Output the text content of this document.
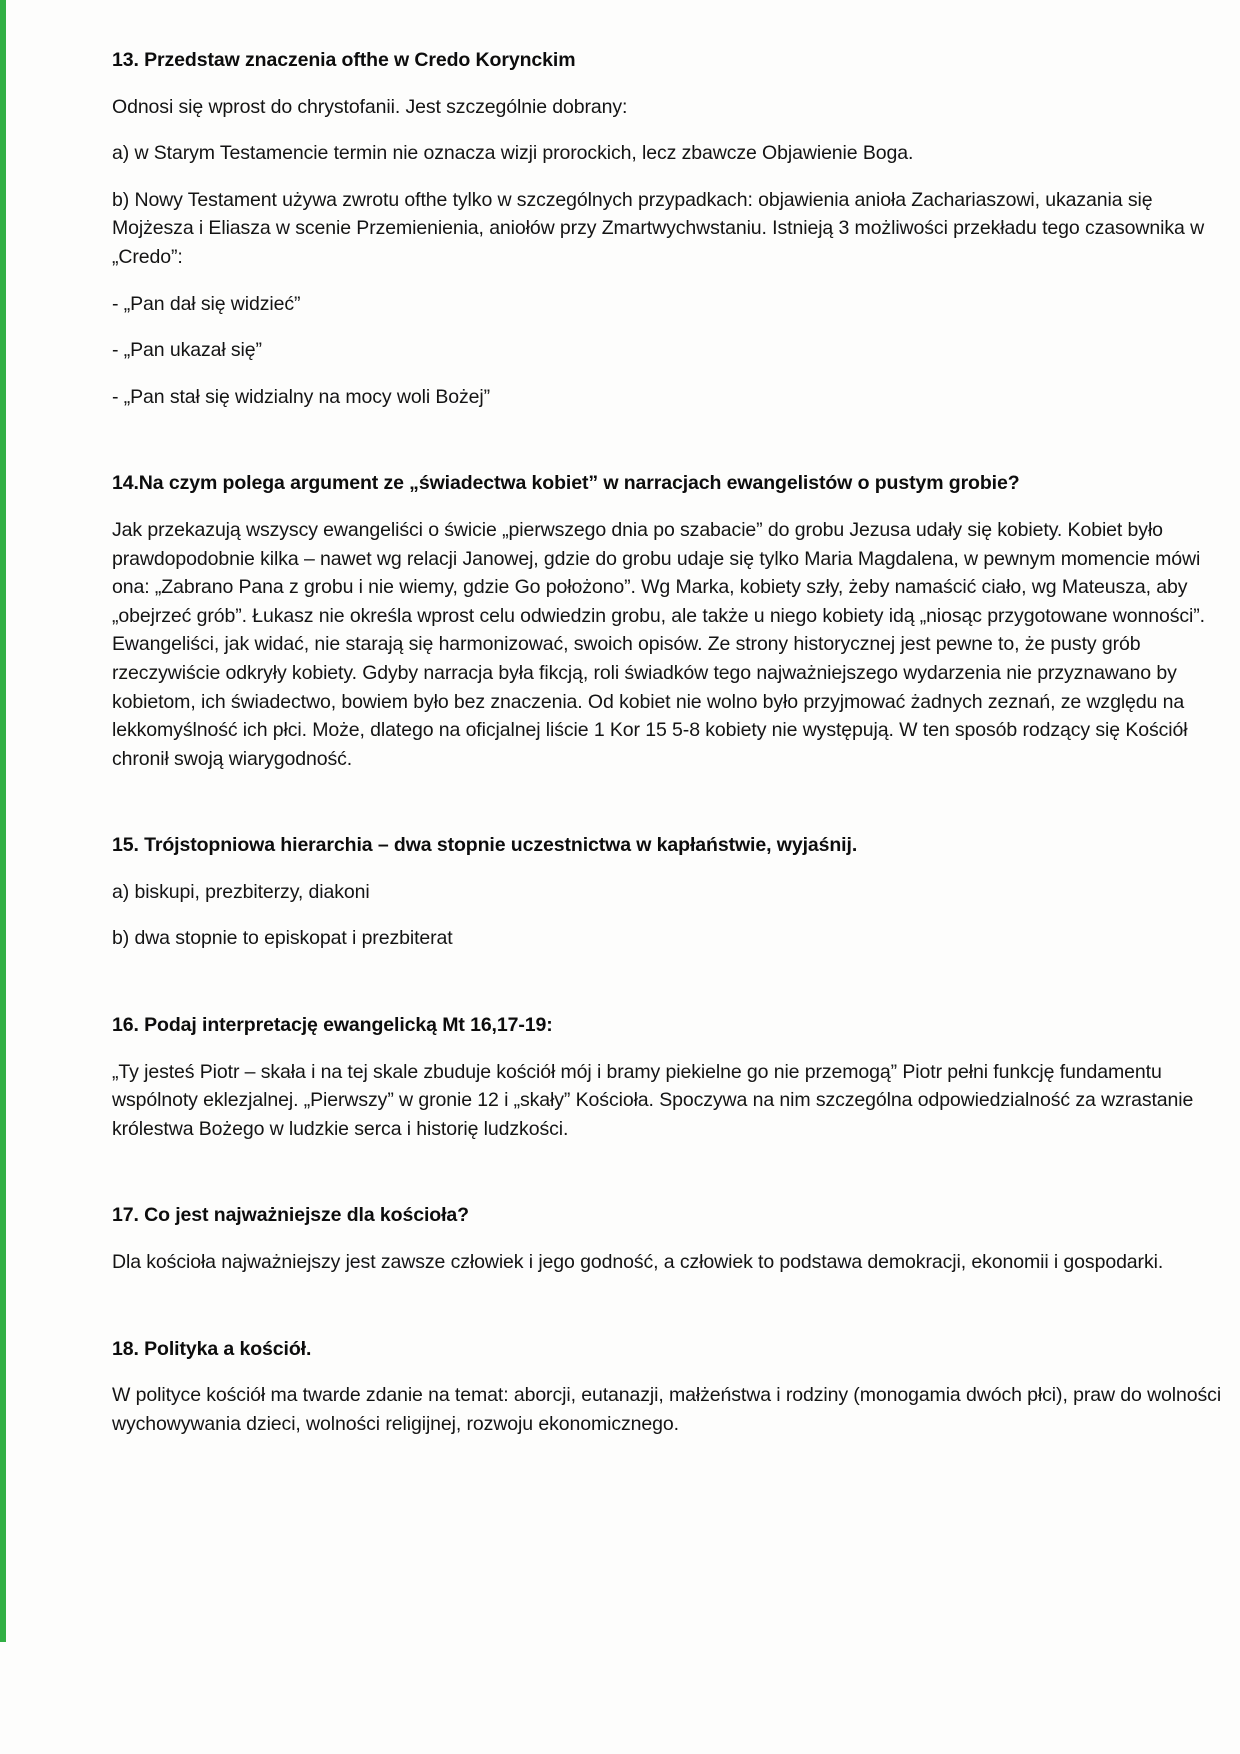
13. Przedstaw znaczenia ofthe w Credo Korynckim
Odnosi się wprost do chrystofanii. Jest szczególnie dobrany:
a) w Starym Testamencie termin nie oznacza wizji prorockich, lecz zbawcze Objawienie Boga.
b) Nowy Testament używa zwrotu ofthe tylko w szczególnych przypadkach: objawienia anioła Zachariaszowi, ukazania się Mojżesza i Eliasza w scenie Przemienienia, aniołów przy Zmartwychwstaniu. Istnieją 3 możliwości przekładu tego czasownika w „Credo”:
- „Pan dał się widzieć”
- „Pan ukazał się”
- „Pan stał się widzialny na mocy woli Bożej”
14.Na czym polega argument ze „świadectwa kobiet” w narracjach ewangelistów o pustym grobie?
Jak przekazują wszyscy ewangeliści o świcie „pierwszego dnia po szabacie” do grobu Jezusa udały się kobiety. Kobiet było prawdopodobnie kilka – nawet wg relacji Janowej, gdzie do grobu udaje się tylko Maria Magdalena, w pewnym momencie mówi ona: „Zabrano Pana z grobu i nie wiemy, gdzie Go położono”. Wg Marka, kobiety szły, żeby namaścić ciało, wg Mateusza, aby „obejrzeć grób”. Łukasz nie określa wprost celu odwiedzin grobu, ale także u niego kobiety idą „niosąc przygotowane wonności”. Ewangeliści, jak widać, nie starają się harmonizować, swoich opisów. Ze strony historycznej jest pewne to, że pusty grób rzeczywiście odkryły kobiety. Gdyby narracja była fikcją, roli świadków tego najważniejszego wydarzenia nie przyznawano by kobietom, ich świadectwo, bowiem było bez znaczenia. Od kobiet nie wolno było przyjmować żadnych zeznań, ze względu na lekkomyślność ich płci. Może, dlatego na oficjalnej liście 1 Kor 15 5-8 kobiety nie występują. W ten sposób rodzący się Kościół chronił swoją wiarygodność.
15. Trójstopniowa hierarchia – dwa stopnie uczestnictwa w kapłaństwie, wyjaśnij.
a) biskupi, prezbiterzy, diakoni
b) dwa stopnie to episkopat i prezbiterat
16. Podaj interpretację ewangelicką Mt 16,17-19:
„Ty jesteś Piotr – skała i na tej skale zbuduje kościół mój i bramy piekielne go nie przemogą” Piotr pełni funkcję fundamentu wspólnoty eklezjalnej. „Pierwszy” w gronie 12 i „skały” Kościoła. Spoczywa na nim szczególna odpowiedzialność za wzrastanie królestwa Bożego w ludzkie serca i historię ludzkości.
17. Co jest najważniejsze dla kościoła?
Dla kościoła najważniejszy jest zawsze człowiek i jego godność, a człowiek to podstawa demokracji, ekonomii i gospodarki.
18. Polityka a kościół.
W polityce kościół ma twarde zdanie na temat: aborcji, eutanazji, małżeństwa i rodziny (monogamia dwóch płci), praw do wolności wychowywania dzieci, wolności religijnej, rozwoju ekonomicznego.
